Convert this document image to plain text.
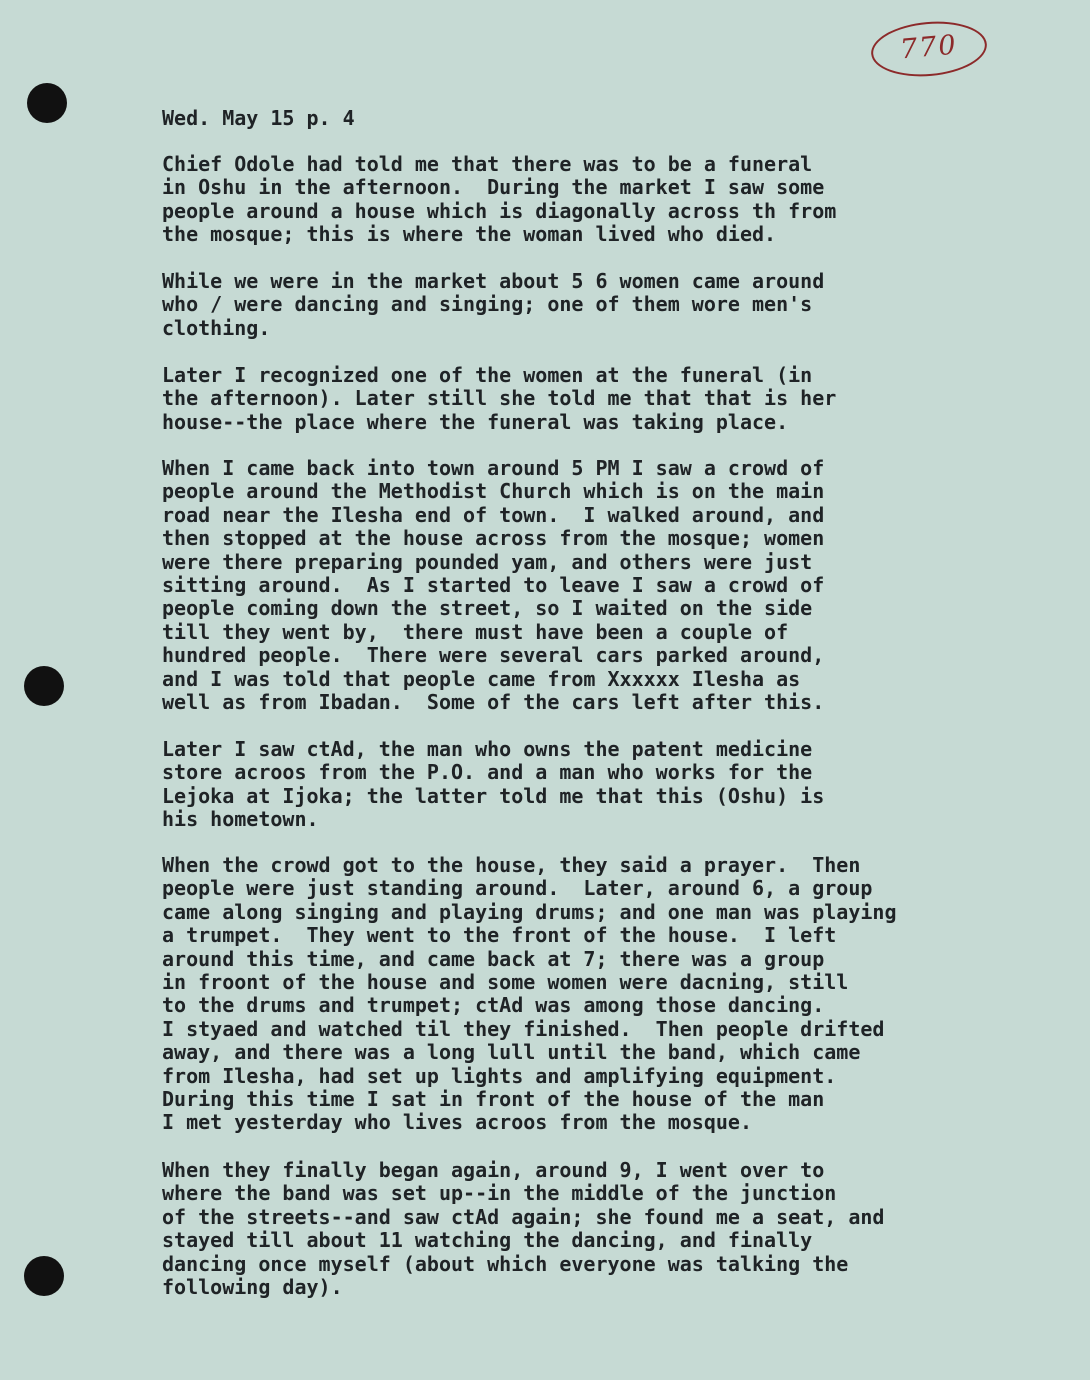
770
Wed. May 15 p. 4
Chief Odole had told me that there was to be a funeral
in Oshu in the afternoon.  During the market I saw some
people around a house which is diagonally across th from
the mosque; this is where the woman lived who died.
While we were in the market about 5 6 women came around
who / were dancing and singing; one of them wore men's
clothing.
Later I recognized one of the women at the funeral (in
the afternoon). Later still she told me that that is her
house--the place where the funeral was taking place.
When I came back into town around 5 PM I saw a crowd of
people around the Methodist Church which is on the main
road near the Ilesha end of town.  I walked around, and
then stopped at the house across from the mosque; women
were there preparing pounded yam, and others were just
sitting around.  As I started to leave I saw a crowd of
people coming down the street, so I waited on the side
till they went by,  there must have been a couple of
hundred people.  There were several cars parked around,
and I was told that people came from Xxxxxx Ilesha as
well as from Ibadan.  Some of the cars left after this.
Later I saw ctAd, the man who owns the patent medicine
store acroos from the P.O. and a man who works for the
Lejoka at Ijoka; the latter told me that this (Oshu) is
his hometown.
When the crowd got to the house, they said a prayer.  Then
people were just standing around.  Later, around 6, a group
came along singing and playing drums; and one man was playing
a trumpet.  They went to the front of the house.  I left
around this time, and came back at 7; there was a group
in froont of the house and some women were dacning, still
to the drums and trumpet; ctAd was among those dancing.
I styaed and watched til they finished.  Then people drifted
away, and there was a long lull until the band, which came
from Ilesha, had set up lights and amplifying equipment.
During this time I sat in front of the house of the man
I met yesterday who lives acroos from the mosque.
When they finally began again, around 9, I went over to
where the band was set up--in the middle of the junction
of the streets--and saw ctAd again; she found me a seat, and
stayed till about 11 watching the dancing, and finally
dancing once myself (about which everyone was talking the
following day).
